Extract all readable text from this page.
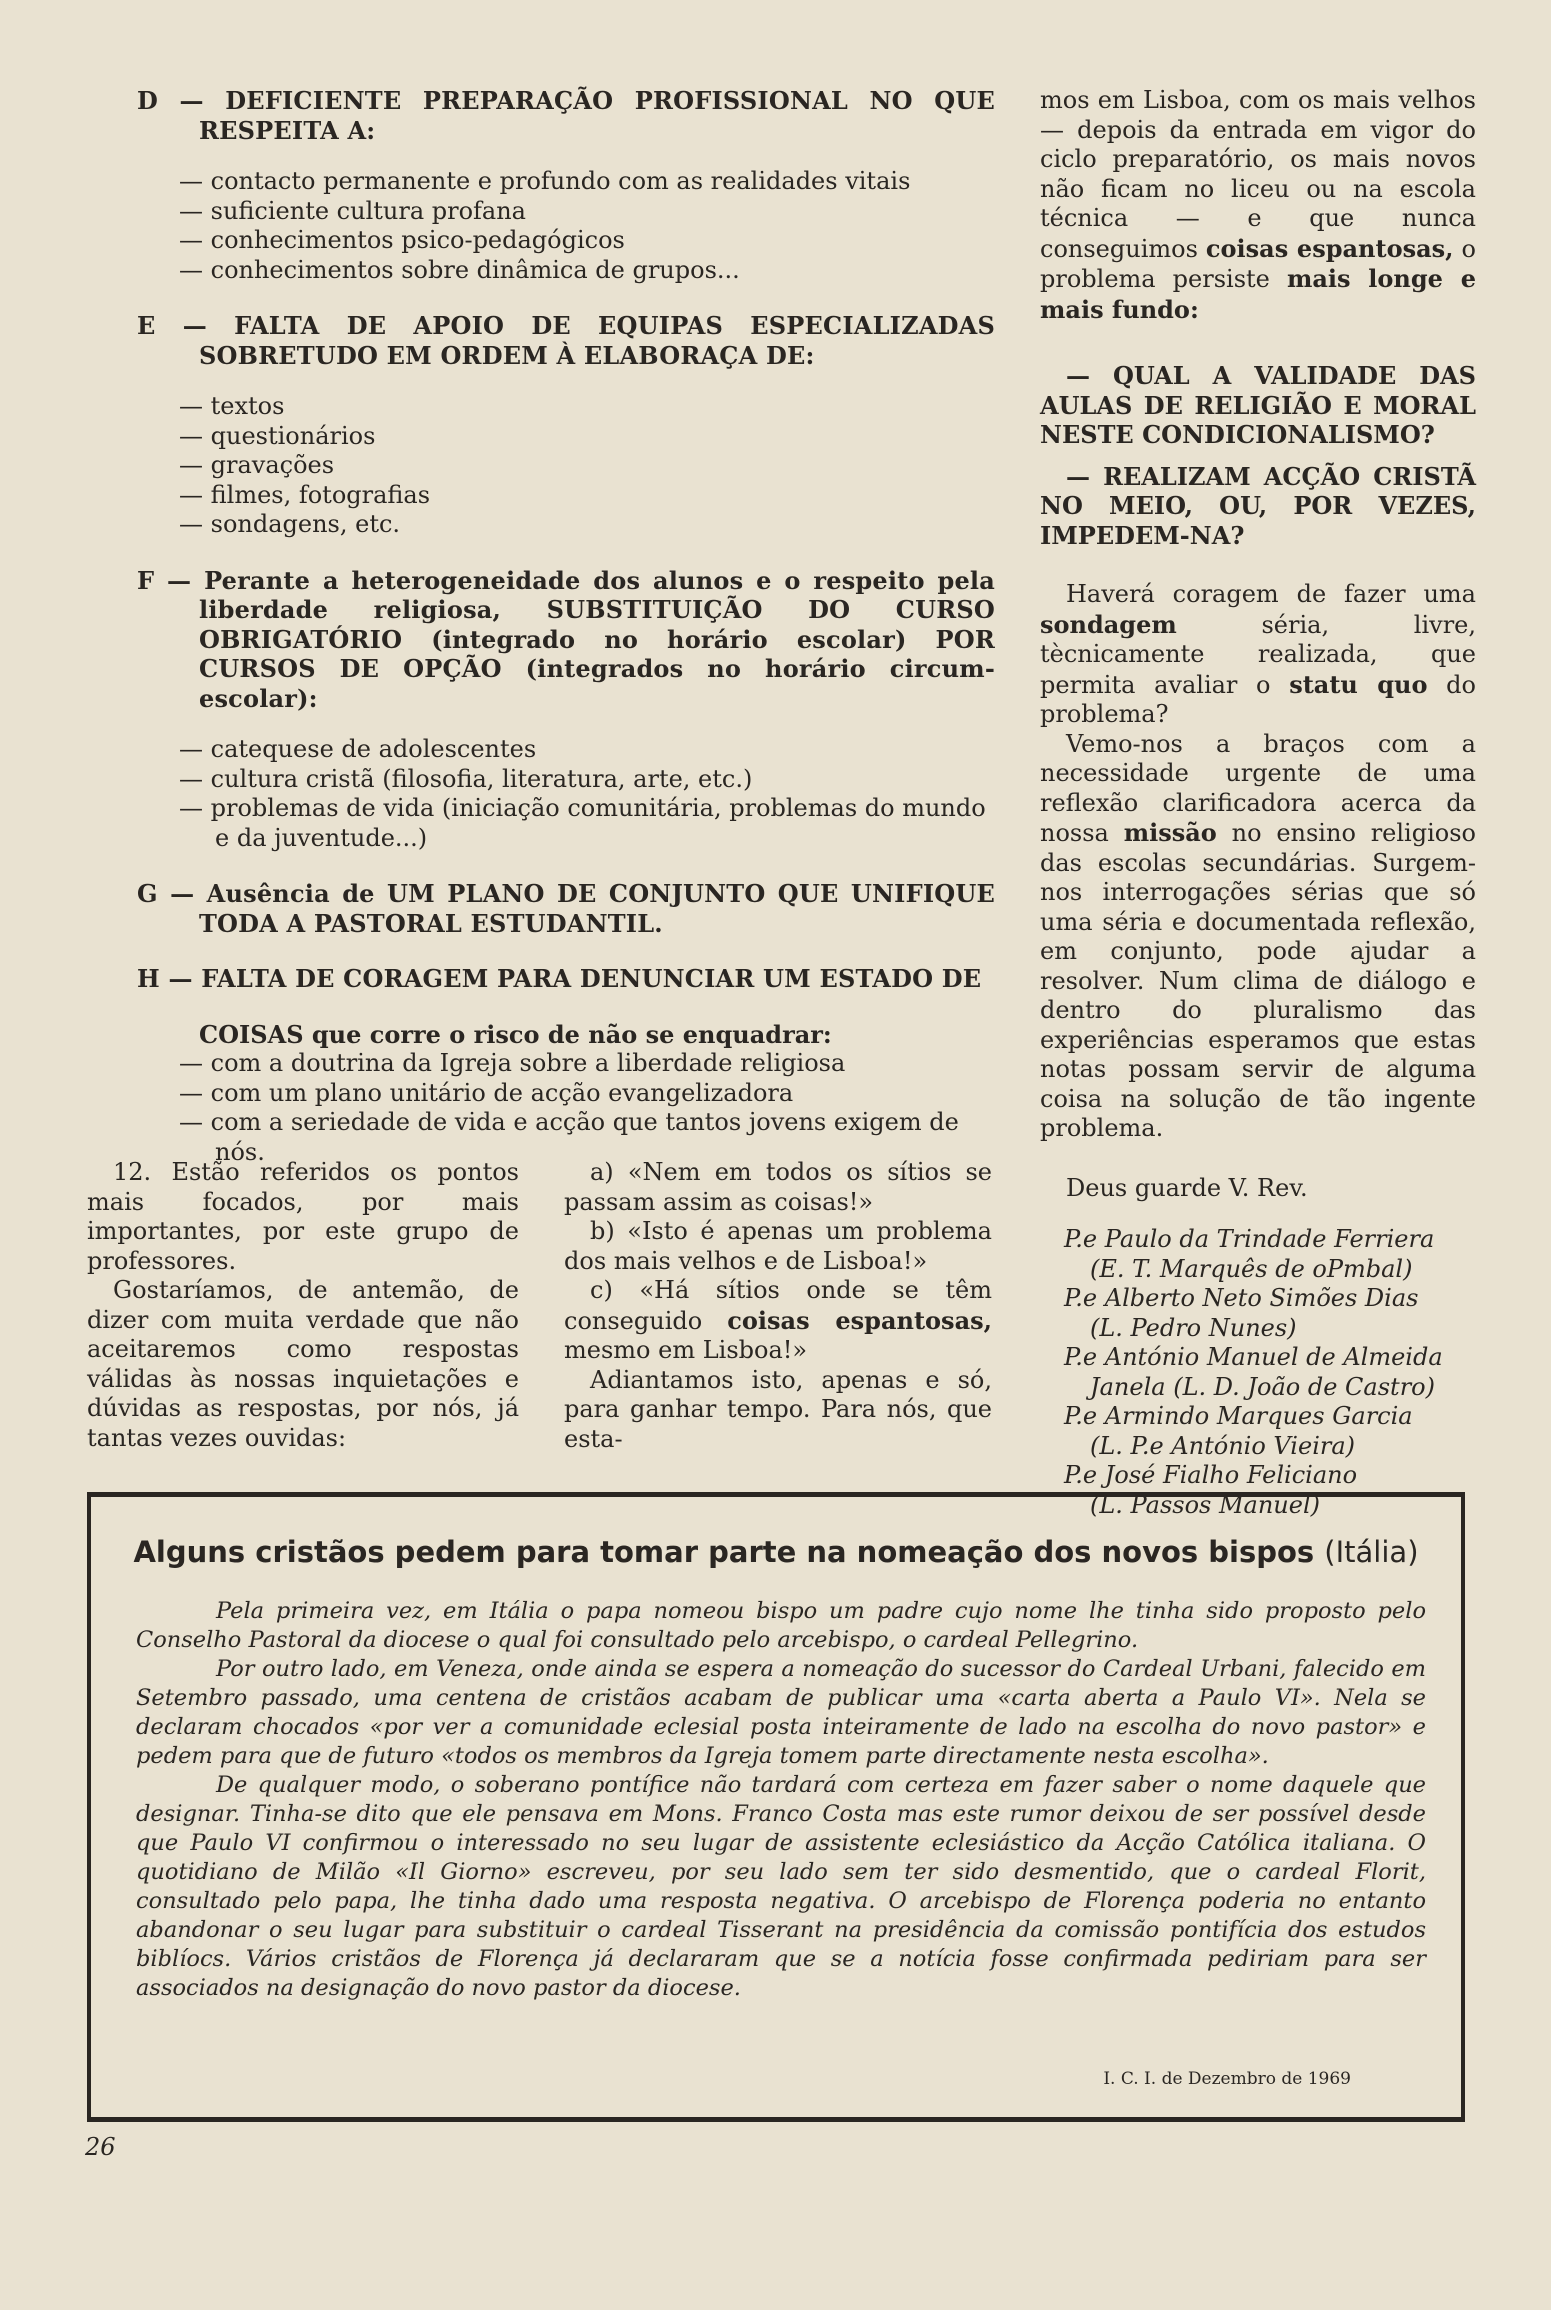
D — DEFICIENTE PREPARAÇÃO PROFISSIONAL NO QUE RESPEITA A:

— contacto permanente e profundo com as realidades vitais
— suficiente cultura profana
— conhecimentos psico-pedagógicos
— conhecimentos sobre dinâmica de grupos...

E — FALTA DE APOIO DE EQUIPAS ESPECIALIZADAS SOBRETUDO EM ORDEM À ELABORAÇA DE:

— textos
— questionários
— gravações
— filmes, fotografias
— sondagens, etc.

F — Perante a heterogeneidade dos alunos e o respeito pela liberdade religiosa, SUBSTITUIÇÃO DO CURSO OBRIGATÓRIO (integrado no horário escolar) POR CURSOS DE OPÇÃO (integrados no horário circum-escolar):

— catequese de adolescentes
— cultura cristã (filosofia, literatura, arte, etc.)
— problemas de vida (iniciação comunitária, problemas do mundo e da juventude...)

G — Ausência de UM PLANO DE CONJUNTO QUE UNIFIQUE TODA A PASTORAL ESTUDANTIL.

H — FALTA DE CORAGEM PARA DENUNCIAR UM ESTADO DE

COISAS que corre o risco de não se enquadrar:

— com a doutrina da Igreja sobre a liberdade religiosa
— com um plano unitário de acção evangelizadora
— com a seriedade de vida e acção que tantos jovens exigem de nós.

12. Estão referidos os pontos mais focados, por mais importantes, por este grupo de professores.

Gostaríamos, de antemão, de dizer com muita verdade que não aceitaremos como respostas válidas às nossas inquietações e dúvidas as respostas, por nós, já tantas vezes ouvidas:

a) «Nem em todos os sítios se passam assim as coisas!»

b) «Isto é apenas um problema dos mais velhos e de Lisboa!»

c) «Há sítios onde se têm conseguido coisas espantosas, mesmo em Lisboa!»

Adiantamos isto, apenas e só, para ganhar tempo. Para nós, que esta-

mos em Lisboa, com os mais velhos — depois da entrada em vigor do ciclo preparatório, os mais novos não ficam no liceu ou na escola técnica — e que nunca conseguimos coisas espantosas, o problema persiste mais longe e mais fundo:

— QUAL A VALIDADE DAS AULAS DE RELIGIÃO E MORAL NESTE CONDICIONALISMO?

— REALIZAM ACÇÃO CRISTÃ NO MEIO, OU, POR VEZES, IMPEDEM-NA?

Haverá coragem de fazer uma sondagem	séria, livre, tècnicamente realizada, que permita avaliar o statu quo do problema?

Vemo-nos a braços com a necessidade urgente de uma reflexão clarificadora acerca da nossa missão no ensino religioso das escolas secundárias. Surgem-nos interrogações sérias que só uma séria e documentada reflexão, em conjunto, pode ajudar a resolver. Num clima de diálogo e dentro do pluralismo das experiências esperamos que estas notas possam servir de alguma coisa na solução de tão ingente problema.

Deus guarde V. Rev.

P.e Paulo da Trindade Ferriera

(E. T. Marquês de oPmbal)

P.e Alberto Neto Simões Dias

(L. Pedro Nunes)

P.e António Manuel de Almeida

Janela (L. D. João de Castro)

P.e Armindo Marques Garcia

(L. P.e António Vieira)

P.e José Fialho Feliciano

(L. Passos Manuel)

Alguns cristãos pedem para tomar parte na nomeação dos novos bispos (Itália)

Pela primeira vez, em Itália o papa nomeou bispo um padre cujo nome lhe tinha sido proposto pelo Conselho Pastoral da diocese o qual foi consultado pelo arcebispo, o cardeal Pellegrino.

Por outro lado, em Veneza, onde ainda se espera a nomeação do sucessor do Cardeal Urbani, falecido em Setembro passado, uma centena de cristãos acabam de publicar uma «carta aberta a Paulo VI». Nela se declaram chocados «por ver a comunidade eclesial posta inteiramente de lado na escolha do novo pastor» e pedem para que de futuro «todos os membros da Igreja tomem parte directamente nesta escolha».

De qualquer modo, o soberano pontífice não tardará com certeza em fazer saber o nome daquele que designar. Tinha-se dito que ele pensava em Mons. Franco Costa mas este rumor deixou de ser possível desde que Paulo VI confirmou o interessado no seu lugar de assistente eclesiástico da Acção Católica italiana. O quotidiano de Milão «Il Giorno» escreveu, por seu lado sem ter sido desmentido, que o cardeal Florit, consultado pelo papa, lhe tinha dado uma resposta negativa. O arcebispo de Florença poderia no entanto abandonar o seu lugar para substituir o cardeal Tisserant na presidência da comissão pontifícia dos estudos biblíocs. Vários cristãos de Florença já declararam que se a notícia fosse confirmada pediriam para ser associados na designação do novo pastor da diocese.

I. C. I. de Dezembro de 1969
26
